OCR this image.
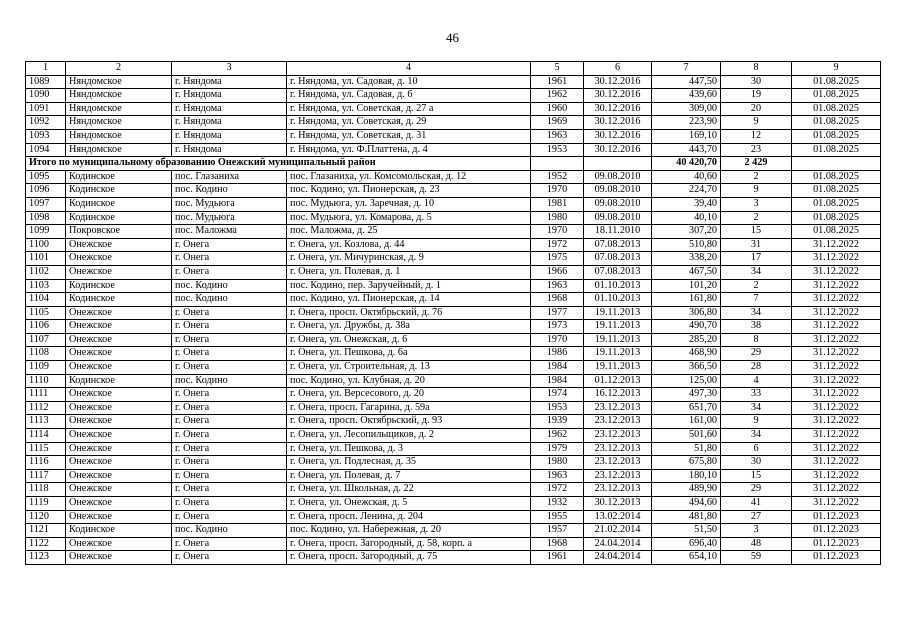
46
1	2	3	4	5	6	7	8	9
1089	Няндомское	г. Няндома	г. Няндома, ул. Садовая, д. 10	1961	30.12.2016	447,50	30	01.08.2025
1090	Няндомское	г. Няндома	г. Няндома, ул. Садовая, д. 6	1962	30.12.2016	439,60	19	01.08.2025
1091	Няндомское	г. Няндома	г. Няндома, ул. Советская, д. 27 а	1960	30.12.2016	309,00	20	01.08.2025
1092	Няндомское	г. Няндома	г. Няндома, ул. Советская, д. 29	1969	30.12.2016	223,90	9	01.08.2025
1093	Няндомское	г. Няндома	г. Няндома, ул. Советская, д. 31	1963	30.12.2016	169,10	12	01.08.2025
1094	Няндомское	г. Няндома	г. Няндома, ул. Ф.Платтена, д. 4	1953	30.12.2016	443,70	23	01.08.2025
Итого по муниципальному образованию Онежский муниципальный район						40 420,70	2 429	
1095	Кодинское	пос. Глазаниха	пос. Глазаниха, ул. Комсомольская, д. 12	1952	09.08.2010	40,60	2	01.08.2025
1096	Кодинское	пос. Кодино	пос. Кодино, ул. Пионерская, д. 23	1970	09.08.2010	224,70	9	01.08.2025
1097	Кодинское	пос. Мудьюга	пос. Мудьюга, ул. Заречная, д. 10	1981	09.08.2010	39,40	3	01.08.2025
1098	Кодинское	пос. Мудьюга	пос. Мудьюга, ул. Комарова, д. 5	1980	09.08.2010	40,10	2	01.08.2025
1099	Покровское	пос. Маложма	пос. Маложма, д. 25	1970	18.11.2010	307,20	15	01.08.2025
1100	Онежское	г. Онега	г. Онега, ул. Козлова, д. 44	1972	07.08.2013	510,80	31	31.12.2022
1101	Онежское	г. Онега	г. Онега, ул. Мичуринская, д. 9	1975	07.08.2013	338,20	17	31.12.2022
1102	Онежское	г. Онега	г. Онега, ул. Полевая, д. 1	1966	07.08.2013	467,50	34	31.12.2022
1103	Кодинское	пос. Кодино	пос. Кодино, пер. Заручейный, д. 1	1963	01.10.2013	101,20	2	31.12.2022
1104	Кодинское	пос. Кодино	пос. Кодино, ул. Пионерская, д. 14	1968	01.10.2013	161,80	7	31.12.2022
1105	Онежское	г. Онега	г. Онега, просп. Октябрьский, д. 76	1977	19.11.2013	306,80	34	31.12.2022
1106	Онежское	г. Онега	г. Онега, ул. Дружбы, д. 38а	1973	19.11.2013	490,70	38	31.12.2022
1107	Онежское	г. Онега	г. Онега, ул. Онежская, д. 6	1970	19.11.2013	285,20	8	31.12.2022
1108	Онежское	г. Онега	г. Онега, ул. Пешкова, д. 6а	1986	19.11.2013	468,90	29	31.12.2022
1109	Онежское	г. Онега	г. Онега, ул. Строительная, д. 13	1984	19.11.2013	366,50	28	31.12.2022
1110	Кодинское	пос. Кодино	пос. Кодино, ул. Клубная, д. 20	1984	01.12.2013	125,00	4	31.12.2022
1111	Онежское	г. Онега	г. Онега, ул. Версесового, д. 20	1974	16.12.2013	497,30	33	31.12.2022
1112	Онежское	г. Онега	г. Онега, просп. Гагарина, д. 59а	1953	23.12.2013	651,70	34	31.12.2022
1113	Онежское	г. Онега	г. Онега, просп. Октябрьский, д. 93	1939	23.12.2013	161,00	9	31.12.2022
1114	Онежское	г. Онега	г. Онега, ул. Лесопильщиков, д. 2	1962	23.12.2013	501,60	34	31.12.2022
1115	Онежское	г. Онега	г. Онега, ул. Пешкова, д. 3	1979	23.12.2013	51,80	6	31.12.2022
1116	Онежское	г. Онега	г. Онега, ул. Подлесная, д. 35	1980	23.12.2013	675,80	30	31.12.2022
1117	Онежское	г. Онега	г. Онега, ул. Полевая, д. 7	1963	23.12.2013	180,10	15	31.12.2022
1118	Онежское	г. Онега	г. Онега, ул. Школьная, д. 22	1972	23.12.2013	489,90	29	31.12.2022
1119	Онежское	г. Онега	г. Онега, ул. Онежская, д. 5	1932	30.12.2013	494,60	41	31.12.2022
1120	Онежское	г. Онега	г. Онега, просп. Ленина, д. 204	1955	13.02.2014	481,80	27	01.12.2023
1121	Кодинское	пос. Кодино	пос. Кодино, ул. Набережная, д. 20	1957	21.02.2014	51,50	3	01.12.2023
1122	Онежское	г. Онега	г. Онега, просп. Загородный, д. 58, корп. а	1968	24.04.2014	696,40	48	01.12.2023
1123	Онежское	г. Онега	г. Онега, просп. Загородный, д. 75	1961	24.04.2014	654,10	59	01.12.2023
